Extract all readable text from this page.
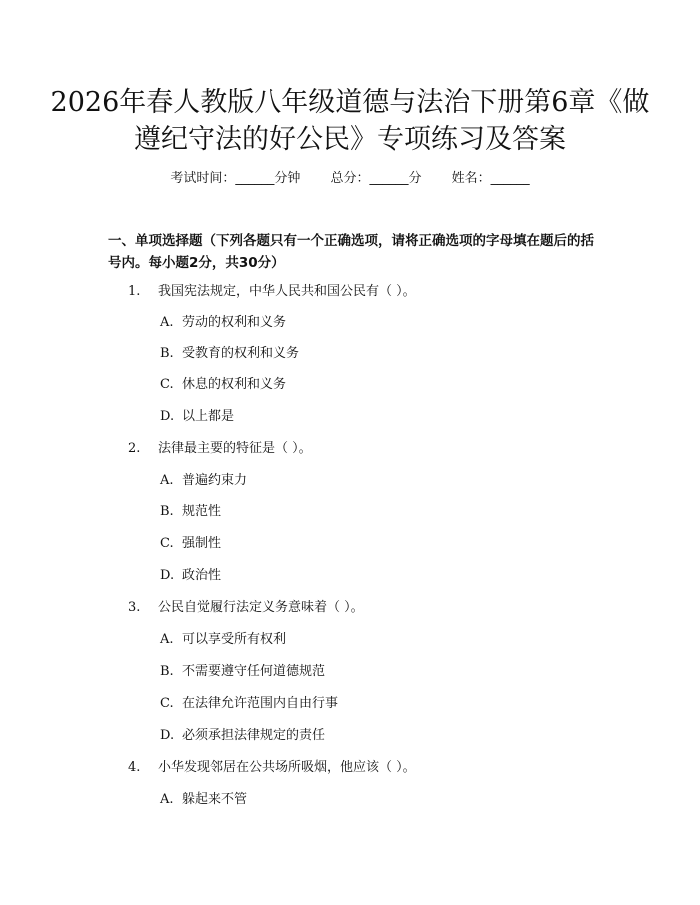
2026年春人教版八年级道德与法治下册第6章《做遵纪守法的好公民》专项练习及答案
考试时间：______分钟 总分：______分 姓名：______
一、单项选择题（下列各题只有一个正确选项，请将正确选项的字母填在题后的括号内。每小题2分，共30分）
1. 我国宪法规定，中华人民共和国公民有（ ）。
A. 劳动的权利和义务
B. 受教育的权利和义务
C. 休息的权利和义务
D. 以上都是
2. 法律最主要的特征是（ ）。
A. 普遍约束力
B. 规范性
C. 强制性
D. 政治性
3. 公民自觉履行法定义务意味着（ ）。
A. 可以享受所有权利
B. 不需要遵守任何道德规范
C. 在法律允许范围内自由行事
D. 必须承担法律规定的责任
4. 小华发现邻居在公共场所吸烟，他应该（ ）。
A. 躲起来不管
